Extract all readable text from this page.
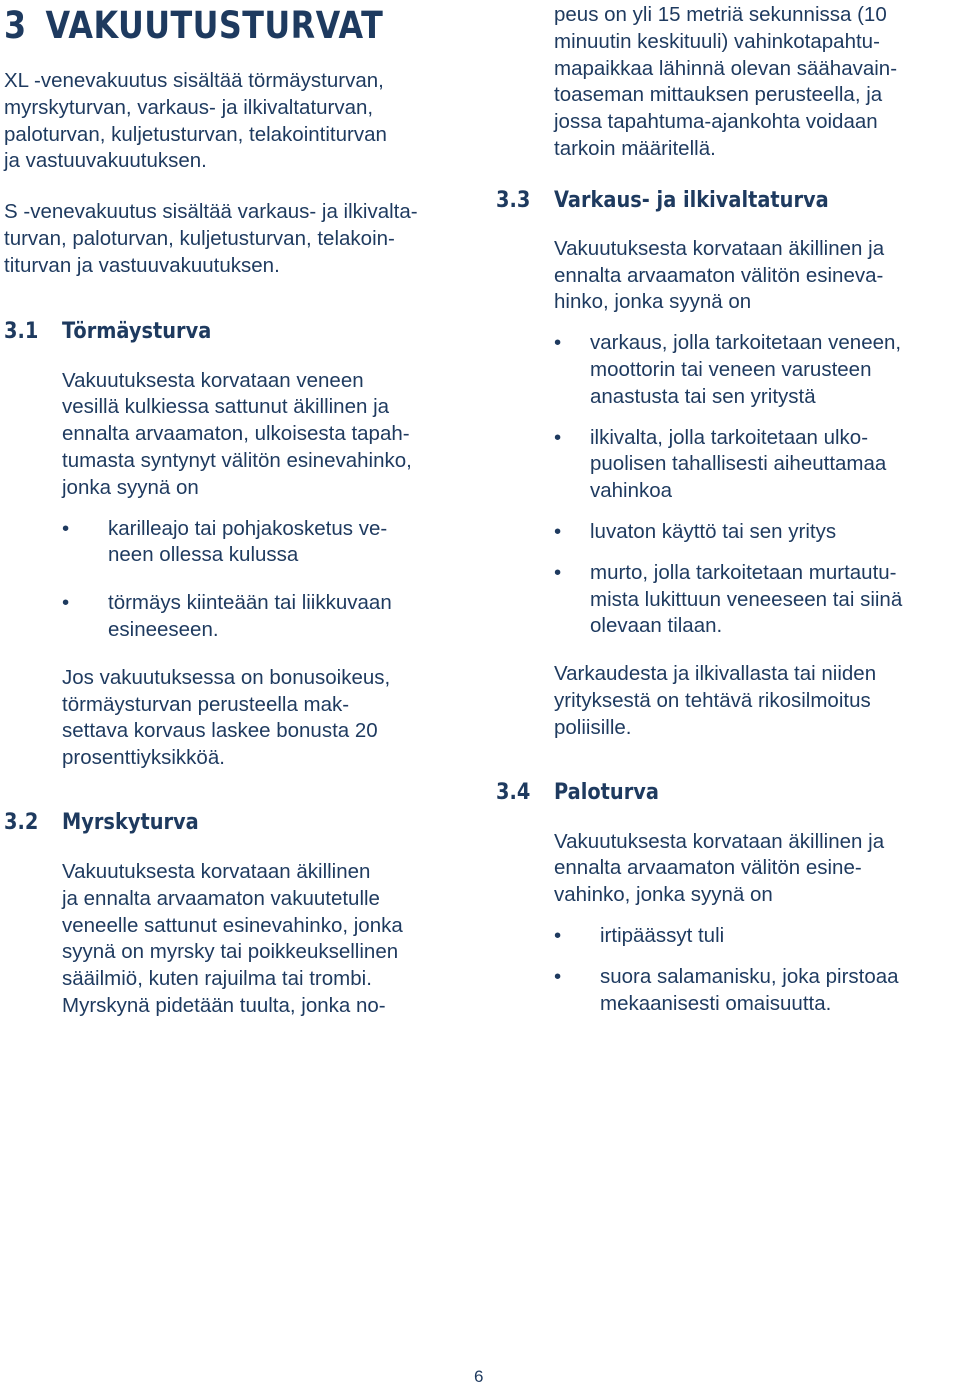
3 VAKUUTUSTURVAT

XL -venevakuutus sisältää törmäysturvan,
myrskyturvan, varkaus- ja ilkivaltaturvan,
paloturvan, kuljetusturvan, telakointiturvan
ja vastuuvakuutuksen.

S -venevakuutus sisältää varkaus- ja ilkivalta-
turvan, paloturvan, kuljetusturvan, telakoin-
titurvan ja vastuuvakuutuksen.

3.1 Törmäysturva

Vakuutuksesta korvataan veneen
vesillä kulkiessa sattunut äkillinen ja
ennalta arvaamaton, ulkoisesta tapah-
tumasta syntynyt välitön esinevahinko,
jonka syynä on

• karilleajo tai pohjakosketus ve-
neen ollessa kulussa
• törmäys kiinteään tai liikkuvaan
esineeseen.

Jos vakuutuksessa on bonusoikeus,
törmäysturvan perusteella mak-
settava korvaus laskee bonusta 20
prosenttiyksikköä.

3.2 Myrskyturva

Vakuutuksesta korvataan äkillinen
ja ennalta arvaamaton vakuutetulle
veneelle sattunut esinevahinko, jonka
syynä on myrsky tai poikkeuksellinen
sääilmiö, kuten rajuilma tai trombi.
Myrskynä pidetään tuulta, jonka no-

peus on yli 15 metriä sekunnissa (10
minuutin keskituuli) vahinkotapahtu-
mapaikkaa lähinnä olevan säähavain-
toaseman mittauksen perusteella, ja
jossa tapahtuma-ajankohta voidaan
tarkoin määritellä.

3.3 Varkaus- ja ilkivaltaturva

Vakuutuksesta korvataan äkillinen ja
ennalta arvaamaton välitön esineva-
hinko, jonka syynä on

• varkaus, jolla tarkoitetaan veneen,
moottorin tai veneen varusteen
anastusta tai sen yritystä
• ilkivalta, jolla tarkoitetaan ulko-
puolisen tahallisesti aiheuttamaa
vahinkoa
• luvaton käyttö tai sen yritys
• murto, jolla tarkoitetaan murtautu-
mista lukittuun veneeseen tai siinä
olevaan tilaan.

Varkaudesta ja ilkivallasta tai niiden
yrityksestä on tehtävä rikosilmoitus
poliisille.

3.4 Paloturva

Vakuutuksesta korvataan äkillinen ja
ennalta arvaamaton välitön esine-
vahinko, jonka syynä on

• irtipäässyt tuli
• suora salamanisku, joka pirstoaa
mekaanisesti omaisuutta.
6
